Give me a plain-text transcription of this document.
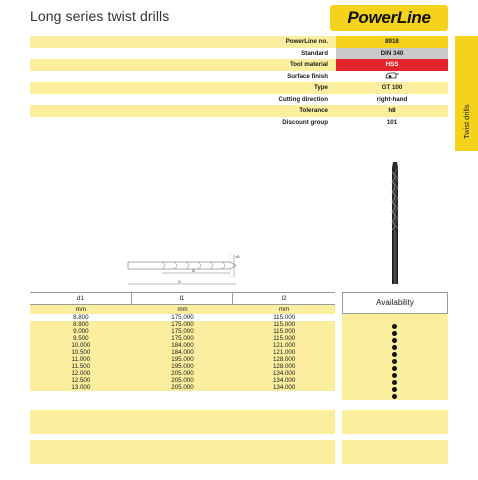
Long series twist drills	PowerLine
Twist drills
PowerLine no.	8918
Standard	DIN 340
Tool material	HSS
Surface finish	o
Type	GT 100
Cutting direction	right-hand
Tolerance	h8
Discount group	101
d1
l2
l1
d1	l1	l2
mm	mm	mm
8.800	175.000	115.000
8.900	175.000	115.000
9.000	175.000	115.000
9.500	175.000	115.000
10.000	184.000	121.000
10.500	184.000	121.000
11.000	195.000	128.000
11.500	195.000	128.000
12.000	205.000	134.000
12.500	205.000	134.000
13.000	205.000	134.000
Availability
